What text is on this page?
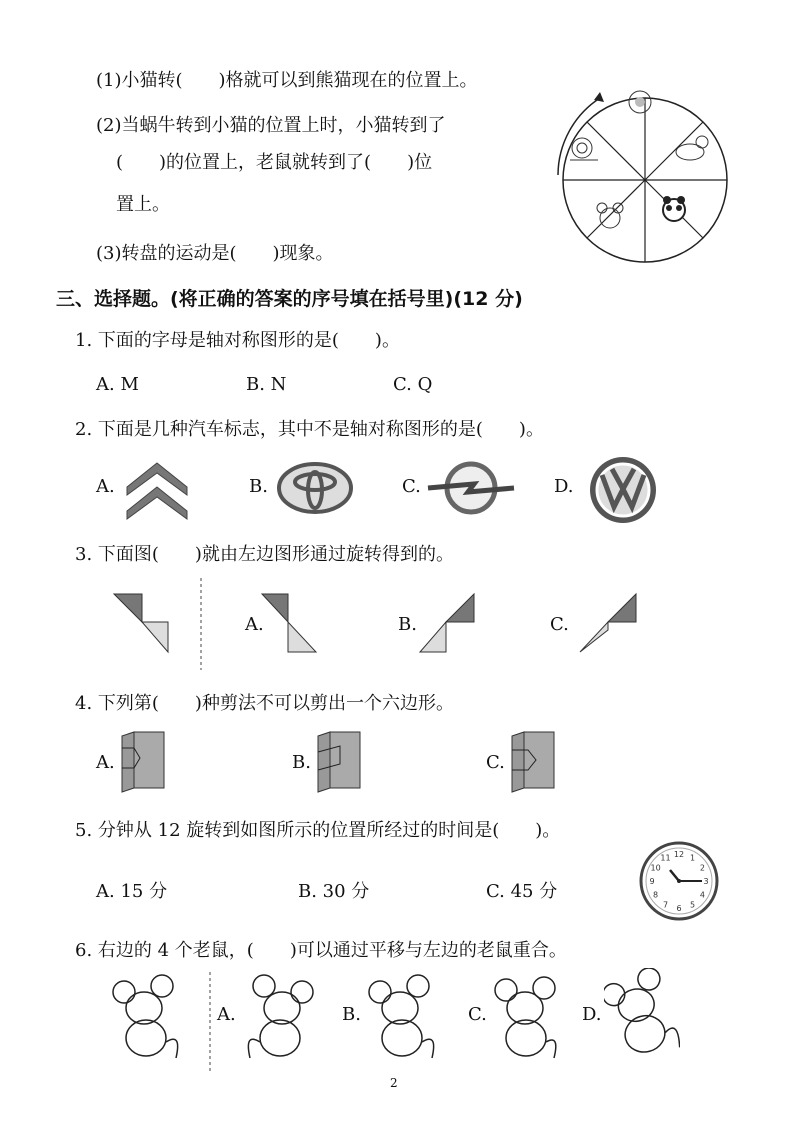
(1)小猫转(　　)格就可以到熊猫现在的位置上。
(2)当蜗牛转到小猫的位置上时，小猫转到了
(　　)的位置上，老鼠就转到了(　　)位
置上。
(3)转盘的运动是(　　)现象。
三、选择题。(将正确的答案的序号填在括号里)(12 分)
1. 下面的字母是轴对称图形的是(　　)。
A. M	B. N	C. Q
2. 下面是几种汽车标志，其中不是轴对称图形的是(　　)。
A.	B.	C.	D.
3. 下面图(　　)就由左边图形通过旋转得到的。
A.	B.	C.
4. 下列第(　　)种剪法不可以剪出一个六边形。
A.	B.	C.
5. 分钟从 12 旋转到如图所示的位置所经过的时间是(　　)。
A. 15 分	B. 30 分	C. 45 分
12 1
2
3
4
5
6
7
8
9
10
11
6. 右边的 4 个老鼠，(　　)可以通过平移与左边的老鼠重合。
A.	B.	C.	D.
2
